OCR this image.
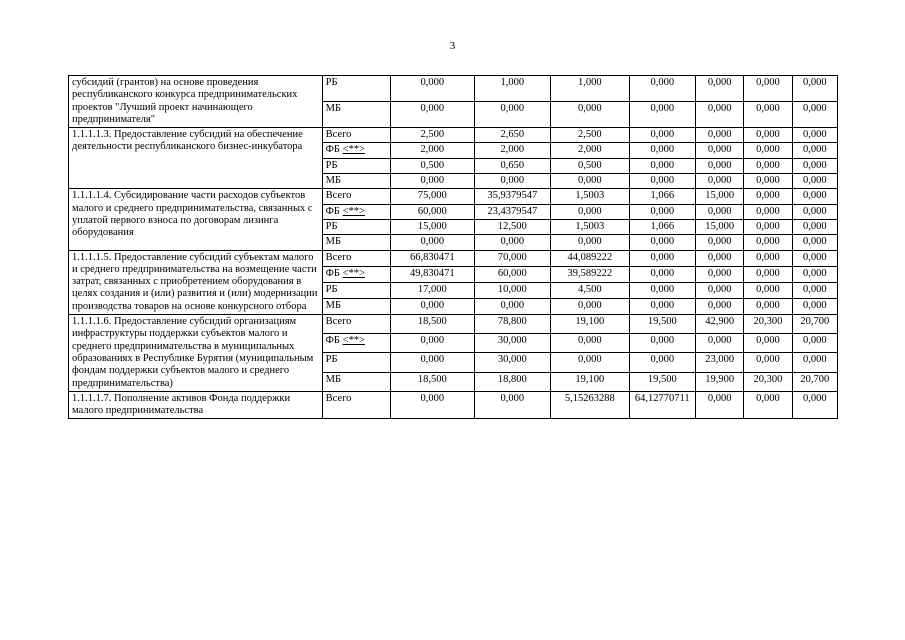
3
субсидий (грантов) на основе проведения республиканского конкурса предпринимательских проектов "Лучший проект начинающего предпринимателя"	РБ	0,000	1,000	1,000	0,000	0,000	0,000	0,000
	МБ	0,000	0,000	0,000	0,000	0,000	0,000	0,000
1.1.1.1.3. Предоставление субсидий на обеспечение деятельности республиканского бизнес-инкубатора	Всего	2,500	2,650	2,500	0,000	0,000	0,000	0,000
	ФБ <**>	2,000	2,000	2,000	0,000	0,000	0,000	0,000
	РБ	0,500	0,650	0,500	0,000	0,000	0,000	0,000
	МБ	0,000	0,000	0,000	0,000	0,000	0,000	0,000
1.1.1.1.4. Субсидирование части расходов субъектов малого и среднего предпринимательства, связанных с уплатой первого взноса по договорам лизинга оборудования	Всего	75,000	35,9379547	1,5003	1,066	15,000	0,000	0,000
	ФБ <**>	60,000	23,4379547	0,000	0,000	0,000	0,000	0,000
	РБ	15,000	12,500	1,5003	1,066	15,000	0,000	0,000
	МБ	0,000	0,000	0,000	0,000	0,000	0,000	0,000
1.1.1.1.5. Предоставление субсидий субъектам малого и среднего предпринимательства на возмещение части затрат, связанных с приобретением оборудования в целях создания и (или) развития и (или) модернизации производства товаров на основе конкурсного отбора	Всего	66,830471	70,000	44,089222	0,000	0,000	0,000	0,000
	ФБ <**>	49,830471	60,000	39,589222	0,000	0,000	0,000	0,000
	РБ	17,000	10,000	4,500	0,000	0,000	0,000	0,000
	МБ	0,000	0,000	0,000	0,000	0,000	0,000	0,000
1.1.1.1.6. Предоставление субсидий организациям инфраструктуры поддержки субъектов малого и среднего предпринимательства в муниципальных образованиях в Республике Бурятия (муниципальным фондам поддержки субъектов малого и среднего предпринимательства)	Всего	18,500	78,800	19,100	19,500	42,900	20,300	20,700
	ФБ <**>	0,000	30,000	0,000	0,000	0,000	0,000	0,000
	РБ	0,000	30,000	0,000	0,000	23,000	0,000	0,000
	МБ	18,500	18,800	19,100	19,500	19,900	20,300	20,700
1.1.1.1.7. Пополнение активов Фонда поддержки малого предпринимательства	Всего	0,000	0,000	5,15263288	64,12770711	0,000	0,000	0,000
